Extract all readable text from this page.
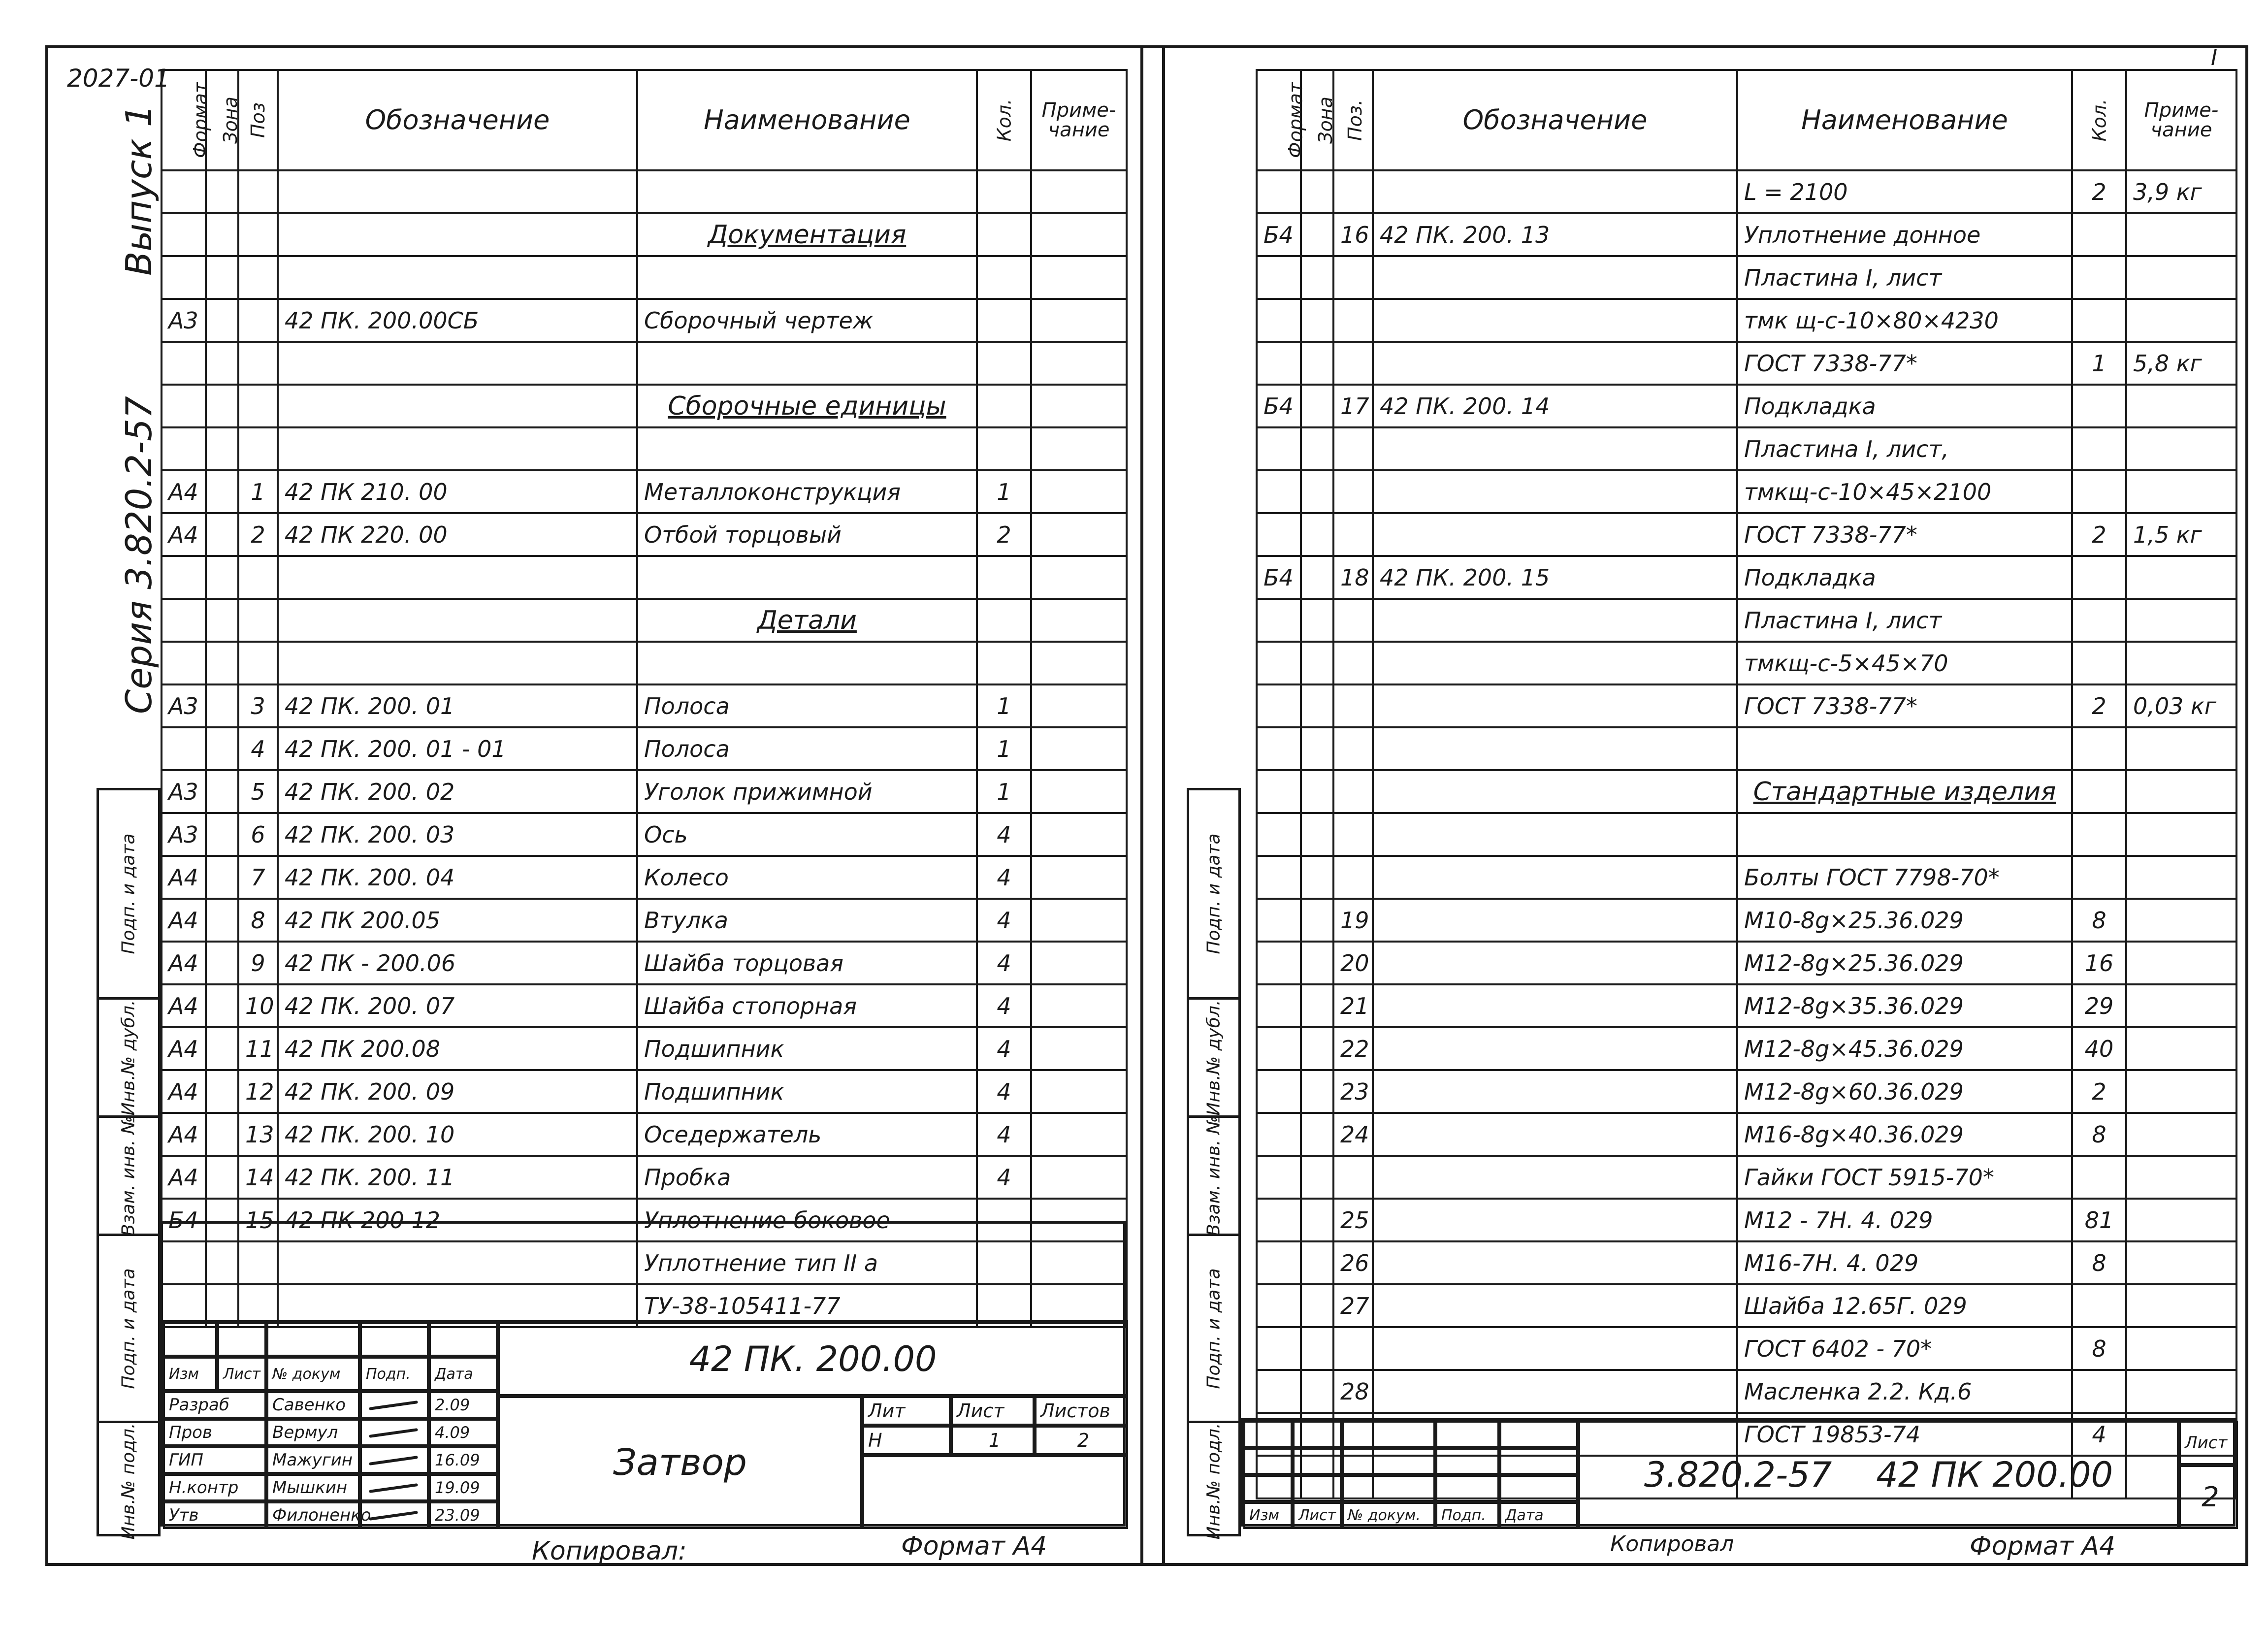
2027-01
Серия 3.820.2-57
Выпуск 1
Подп. и дата
Инв.№ дубл.
Взам. инв. №
Подп. и дата
Инв.№ подл.
Формат	Зона	Поз	Обозначение	Наименование	Кол.	Приме-чание

				Документация		

А3			42 ПК. 200.00СБ	Сборочный чертеж		

				Сборочные единицы		

А4		1	42 ПК 210. 00	Металлоконструкция	1	
А4		2	42 ПК 220. 00	Отбой торцовый	2	

				Детали		

А3		3	42 ПК. 200. 01	Полоса	1	
		4	42 ПК. 200. 01 - 01	Полоса	1	
А3		5	42 ПК. 200. 02	Уголок прижимной	1	
А3		6	42 ПК. 200. 03	Ось	4	
А4		7	42 ПК. 200. 04	Колесо	4	
А4		8	42 ПК 200.05	Втулка	4	
А4		9	42 ПК - 200.06	Шайба торцовая	4	
А4		10	42 ПК. 200. 07	Шайба стопорная	4	
А4		11	42 ПК 200.08	Подшипник	4	
А4		12	42 ПК. 200. 09	Подшипник	4	
А4		13	42 ПК. 200. 10	Оседержатель	4	
А4		14	42 ПК. 200. 11	Пробка	4	
Б4		15	42 ПК 200 12	Уплотнение боковое		
				Уплотнение тип II а		
				ТУ-38-105411-77		
42 ПК. 200.00
Затвор
Лит	Лист	Листов
Н	1	2
Изм	Лист № докум	Подп.	Дата
Разраб	Савенко	2.09
Пров	Вермул	4.09
ГИП	Мажугин	16.09
Н.контр	Мышкин	19.09
Утв	Филоненко	23.09
Копировал:	Формат А4
I
Подп. и дата
Инв.№ дубл.
Взам. инв. №
Подп. и дата
Инв.№ подл.
Формат	Зона	Поз.	Обозначение	Наименование	Кол.	Приме-чание
				L = 2100	2	3,9 кг
Б4		16	42 ПК. 200. 13	Уплотнение донное		
				Пластина I, лист		
				тмк щ-с-10×80×4230		
				ГОСТ 7338-77*	1	5,8 кг
Б4		17	42 ПК. 200. 14	Подкладка		
				Пластина I, лист,		
				тмкщ-с-10×45×2100		
				ГОСТ 7338-77*	2	1,5 кг
Б4		18	42 ПК. 200. 15	Подкладка		
				Пластина I, лист		
				тмкщ-с-5×45×70		
				ГОСТ 7338-77*	2	0,03 кг

				Стандартные изделия		

				Болты ГОСТ 7798-70*		
		19		М10-8g×25.36.029	8	
		20		М12-8g×25.36.029	16	
		21		М12-8g×35.36.029	29	
		22		М12-8g×45.36.029	40	
		23		М12-8g×60.36.029	2	
		24		М16-8g×40.36.029	8	
				Гайки ГОСТ 5915-70*		
		25		М12 - 7Н. 4. 029	81	
		26		М16-7Н. 4. 029	8	
		27		Шайба 12.65Г. 029		
				ГОСТ 6402 - 70*	8	
		28		Масленка 2.2. Кд.6		
				ГОСТ 19853-74	4	

Изм	Лист № докум.	Подп.	Дата
3.820.2-57 42 ПК 200.00
Лист
2
Копировал	Формат А4
